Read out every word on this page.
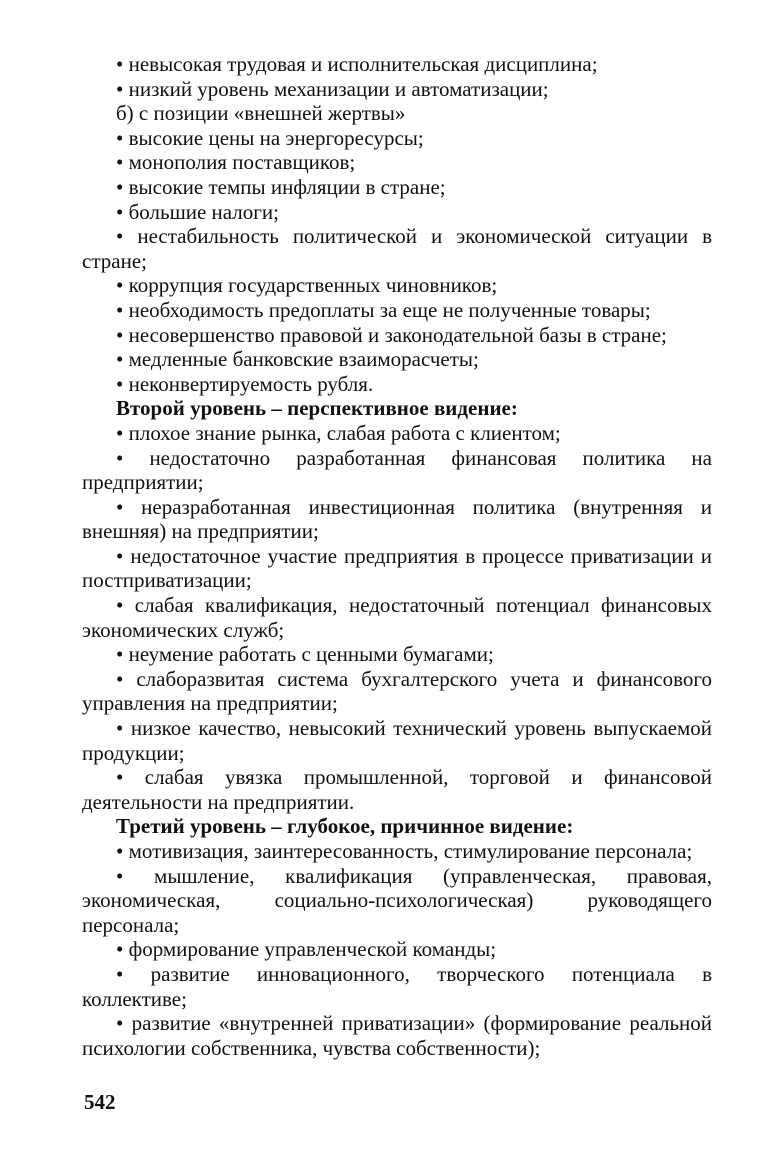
• невысокая трудовая и исполнительская дисциплина;

• низкий уровень механизации и автоматизации;

б) с позиции «внешней жертвы»

• высокие цены на энергоресурсы;

• монополия поставщиков;

• высокие темпы инфляции в стране;

• большие налоги;

• нестабильность политической и экономической ситуации в стране;

• коррупция государственных чиновников;

• необходимость предоплаты за еще не полученные товары;

• несовершенство правовой и законодательной базы в стране;

• медленные банковские взаиморасчеты;

• неконвертируемость рубля.

Второй уровень – перспективное видение:

• плохое знание рынка, слабая работа с клиентом;

• недостаточно разработанная финансовая политика на предприятии;

• неразработанная инвестиционная политика (внутренняя и внешняя) на предприятии;

• недостаточное участие предприятия в процессе приватизации и постприватизации;

• слабая квалификация, недостаточный потенциал финансовых экономических служб;

• неумение работать с ценными бумагами;

• слаборазвитая система бухгалтерского учета и финансового управления на предприятии;

• низкое качество, невысокий технический уровень выпускаемой продукции;

• слабая увязка промышленной, торговой и финансовой деятельности на предприятии.

Третий уровень – глубокое, причинное видение:

• мотивизация, заинтересованность, стимулирование персонала;

• мышление, квалификация (управленческая, правовая, экономическая, социально-психологическая) руководящего персонала;

• формирование управленческой команды;

• развитие инновационного, творческого потенциала в коллективе;

• развитие «внутренней приватизации» (формирование реальной психологии собственника, чувства собственности);

542
